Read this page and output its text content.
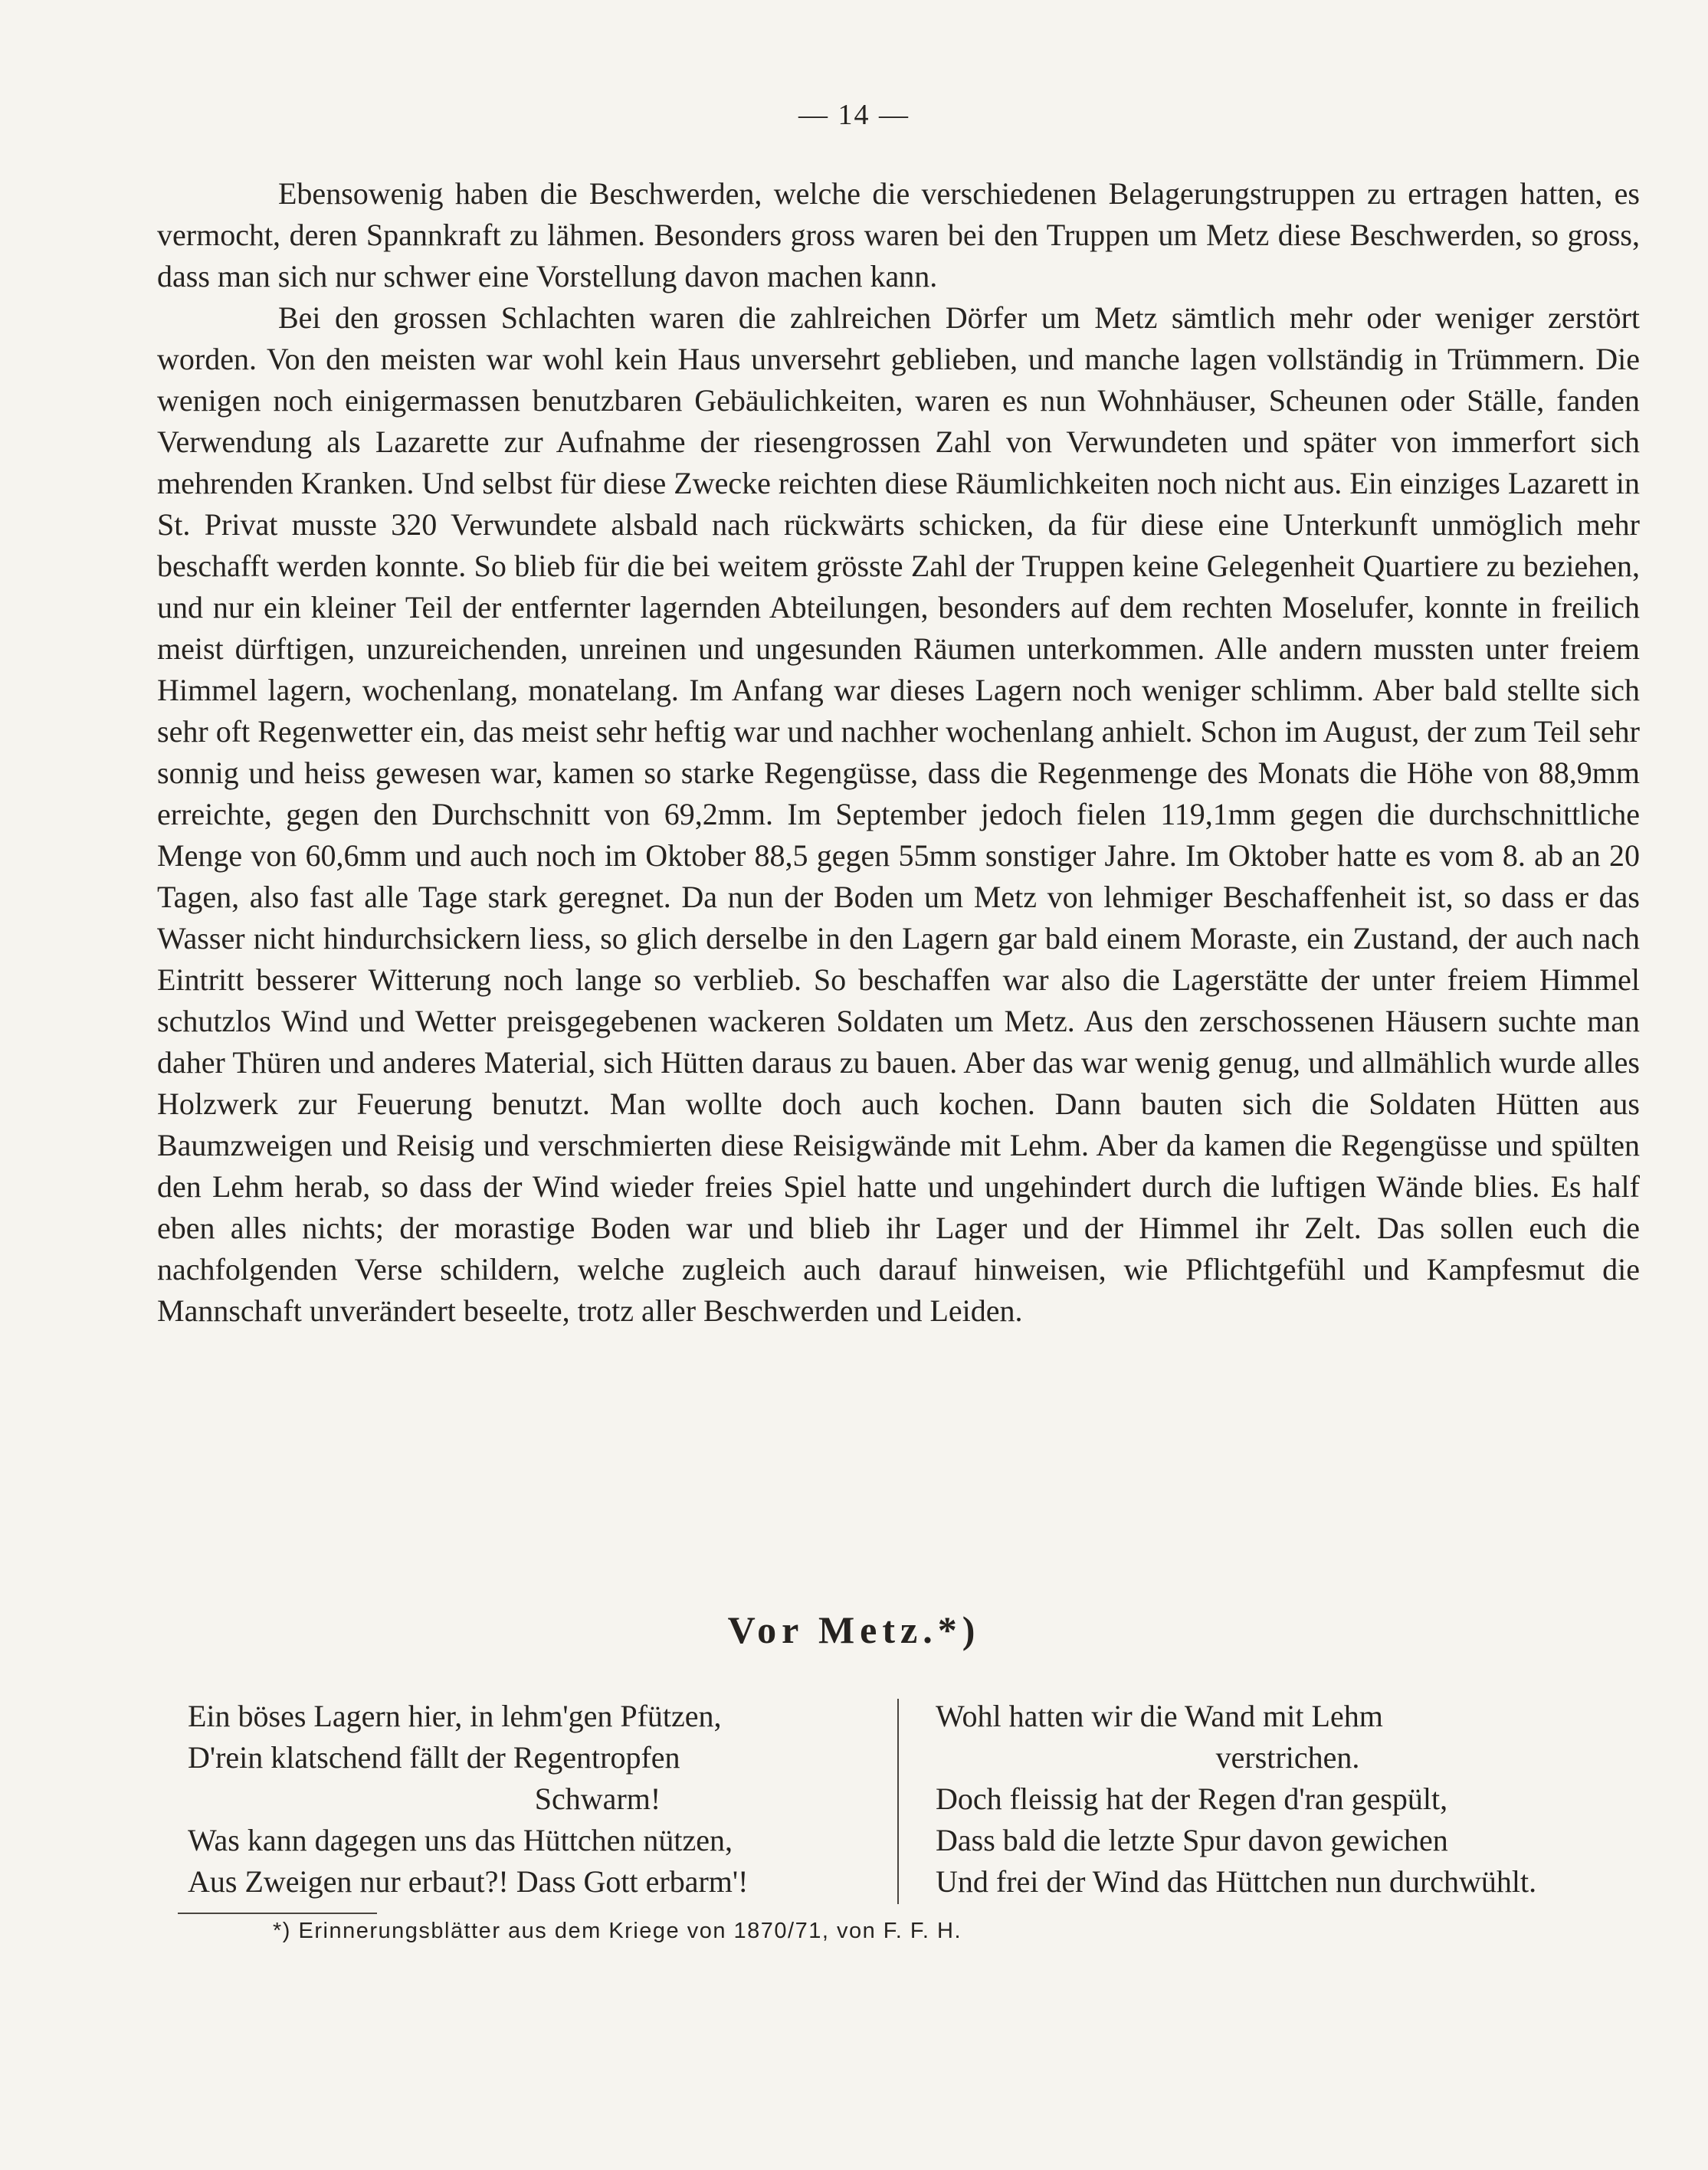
— 14 —

Ebensowenig haben die Beschwerden, welche die verschiedenen Belagerungstruppen zu ertragen hatten, es vermocht, deren Spannkraft zu lähmen. Besonders gross waren bei den Truppen um Metz diese Beschwerden, so gross, dass man sich nur schwer eine Vorstellung davon machen kann.

Bei den grossen Schlachten waren die zahlreichen Dörfer um Metz sämtlich mehr oder weniger zerstört worden. Von den meisten war wohl kein Haus unversehrt geblieben, und manche lagen vollständig in Trümmern. Die wenigen noch einigermassen benutzbaren Gebäulichkeiten, waren es nun Wohnhäuser, Scheunen oder Ställe, fanden Verwendung als Lazarette zur Aufnahme der riesengrossen Zahl von Verwundeten und später von immerfort sich mehrenden Kranken. Und selbst für diese Zwecke reichten diese Räumlichkeiten noch nicht aus. Ein einziges Lazarett in St. Privat musste 320 Verwundete alsbald nach rückwärts schicken, da für diese eine Unterkunft unmöglich mehr beschafft werden konnte. So blieb für die bei weitem grösste Zahl der Truppen keine Gelegenheit Quartiere zu beziehen, und nur ein kleiner Teil der entfernter lagernden Abteilungen, besonders auf dem rechten Moselufer, konnte in freilich meist dürftigen, unzureichenden, unreinen und ungesunden Räumen unterkommen. Alle andern mussten unter freiem Himmel lagern, wochenlang, monatelang. Im Anfang war dieses Lagern noch weniger schlimm. Aber bald stellte sich sehr oft Regenwetter ein, das meist sehr heftig war und nachher wochenlang anhielt. Schon im August, der zum Teil sehr sonnig und heiss gewesen war, kamen so starke Regengüsse, dass die Regenmenge des Monats die Höhe von 88,9mm erreichte, gegen den Durchschnitt von 69,2mm. Im September jedoch fielen 119,1mm gegen die durchschnittliche Menge von 60,6mm und auch noch im Oktober 88,5 gegen 55mm sonstiger Jahre. Im Oktober hatte es vom 8. ab an 20 Tagen, also fast alle Tage stark geregnet. Da nun der Boden um Metz von lehmiger Beschaffenheit ist, so dass er das Wasser nicht hindurchsickern liess, so glich derselbe in den Lagern gar bald einem Moraste, ein Zustand, der auch nach Eintritt besserer Witterung noch lange so verblieb. So beschaffen war also die Lagerstätte der unter freiem Himmel schutzlos Wind und Wetter preisgegebenen wackeren Soldaten um Metz. Aus den zerschossenen Häusern suchte man daher Thüren und anderes Material, sich Hütten daraus zu bauen. Aber das war wenig genug, und allmählich wurde alles Holzwerk zur Feuerung benutzt. Man wollte doch auch kochen. Dann bauten sich die Soldaten Hütten aus Baumzweigen und Reisig und verschmierten diese Reisigwände mit Lehm. Aber da kamen die Regengüsse und spülten den Lehm herab, so dass der Wind wieder freies Spiel hatte und ungehindert durch die luftigen Wände blies. Es half eben alles nichts; der morastige Boden war und blieb ihr Lager und der Himmel ihr Zelt. Das sollen euch die nachfolgenden Verse schildern, welche zugleich auch darauf hinweisen, wie Pflichtgefühl und Kampfesmut die Mannschaft unverändert beseelte, trotz aller Beschwerden und Leiden.

Vor Metz.*)
Ein böses Lagern hier, in lehm'gen Pfützen,
D'rein klatschend fällt der Regentropfen
Schwarm!
Was kann dagegen uns das Hüttchen nützen,
Aus Zweigen nur erbaut?! Dass Gott erbarm'!
Wohl hatten wir die Wand mit Lehm
verstrichen.
Doch fleissig hat der Regen d'ran gespült,
Dass bald die letzte Spur davon gewichen
Und frei der Wind das Hüttchen nun durchwühlt.
*) Erinnerungsblätter aus dem Kriege von 1870/71, von F. F. H.
